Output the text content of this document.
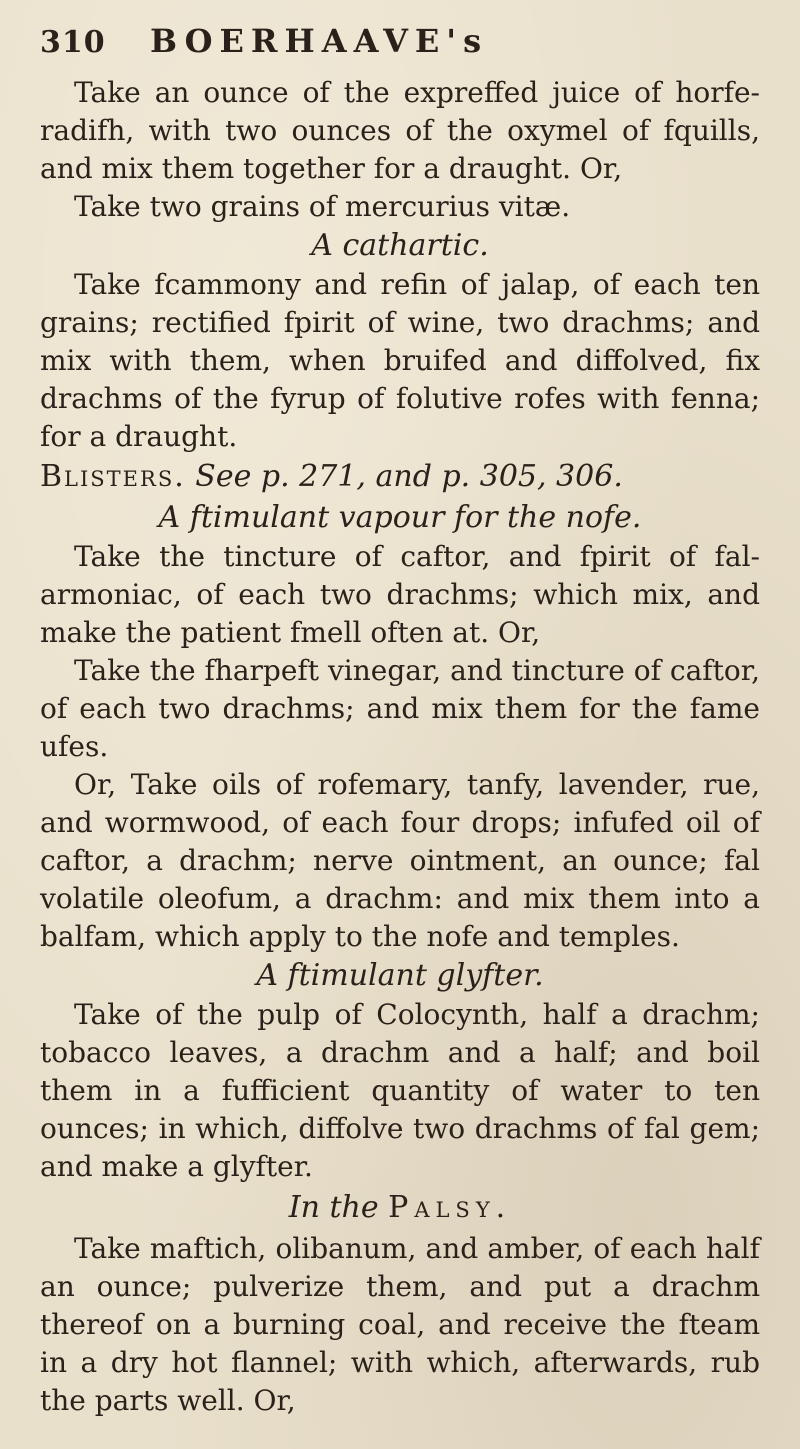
310	BOERHAAVE's

Take an ounce of the expreffed juice of horfe-radifh, with two ounces of the oxymel of fquills, and mix them together for a draught. Or,

Take two grains of mercurius vitæ.

A cathartic.

Take fcammony and refin of jalap, of each ten grains; rectified fpirit of wine, two drachms; and mix with them, when bruifed and diffolved, fix drachms of the fyrup of folutive rofes with fenna; for a draught.

Blisters. See p. 271, and p. 305, 306.

A ftimulant vapour for the nofe.

Take the tincture of caftor, and fpirit of fal-armoniac, of each two drachms; which mix, and make the patient fmell often at. Or,

Take the fharpeft vinegar, and tincture of caftor, of each two drachms; and mix them for the fame ufes.

Or, Take oils of rofemary, tanfy, lavender, rue, and wormwood, of each four drops; infufed oil of caftor, a drachm; nerve ointment, an ounce; fal volatile oleofum, a drachm: and mix them into a balfam, which apply to the nofe and temples.

A ftimulant glyfter.

Take of the pulp of Colocynth, half a drachm; tobacco leaves, a drachm and a half; and boil them in a fufficient quantity of water to ten ounces; in which, diffolve two drachms of fal gem; and make a glyfter.

In the Palsy.

Take maftich, olibanum, and amber, of each half an ounce; pulverize them, and put a drachm thereof on a burning coal, and receive the fteam in a dry hot flannel; with which, afterwards, rub the parts well. Or,
